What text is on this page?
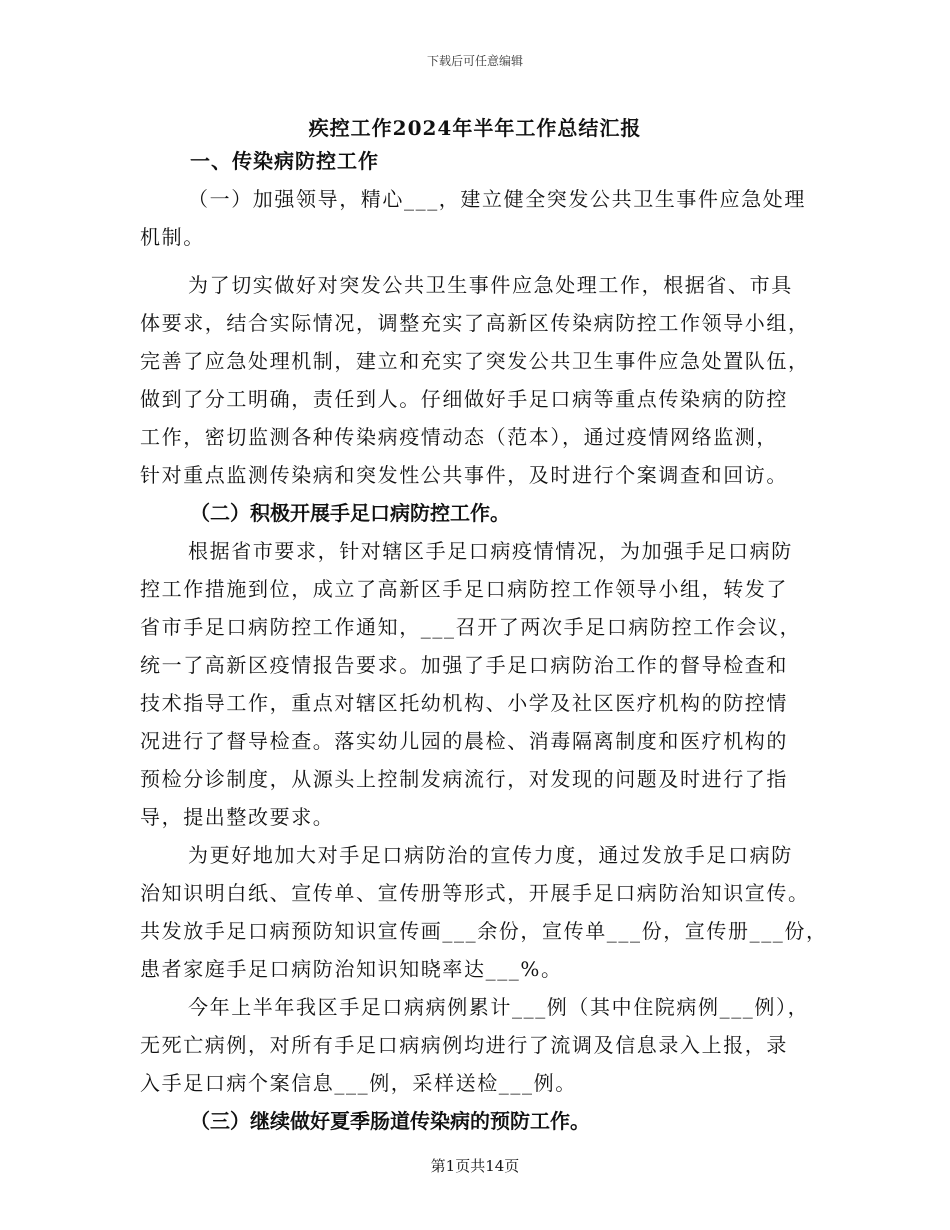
下载后可任意编辑
疾控工作2024年半年工作总结汇报
一、传染病防控工作
（一）加强领导，精心___，建立健全突发公共卫生事件应急处理
机制。
为了切实做好对突发公共卫生事件应急处理工作，根据省、市具
体要求，结合实际情况，调整充实了高新区传染病防控工作领导小组，
完善了应急处理机制，建立和充实了突发公共卫生事件应急处置队伍，
做到了分工明确，责任到人。仔细做好手足口病等重点传染病的防控
工作，密切监测各种传染病疫情动态（范本），通过疫情网络监测，
针对重点监测传染病和突发性公共事件，及时进行个案调查和回访。
（二）积极开展手足口病防控工作。
根据省市要求，针对辖区手足口病疫情情况，为加强手足口病防
控工作措施到位，成立了高新区手足口病防控工作领导小组，转发了
省市手足口病防控工作通知，___召开了两次手足口病防控工作会议，
统一了高新区疫情报告要求。加强了手足口病防治工作的督导检查和
技术指导工作，重点对辖区托幼机构、小学及社区医疗机构的防控情
况进行了督导检查。落实幼儿园的晨检、消毒隔离制度和医疗机构的
预检分诊制度，从源头上控制发病流行，对发现的问题及时进行了指
导，提出整改要求。
为更好地加大对手足口病防治的宣传力度，通过发放手足口病防
治知识明白纸、宣传单、宣传册等形式，开展手足口病防治知识宣传。
共发放手足口病预防知识宣传画___余份，宣传单___份，宣传册___份，
患者家庭手足口病防治知识知晓率达___%。
今年上半年我区手足口病病例累计___例（其中住院病例___例），
无死亡病例，对所有手足口病病例均进行了流调及信息录入上报，录
入手足口病个案信息___例，采样送检___例。
（三）继续做好夏季肠道传染病的预防工作。
第1页共14页
